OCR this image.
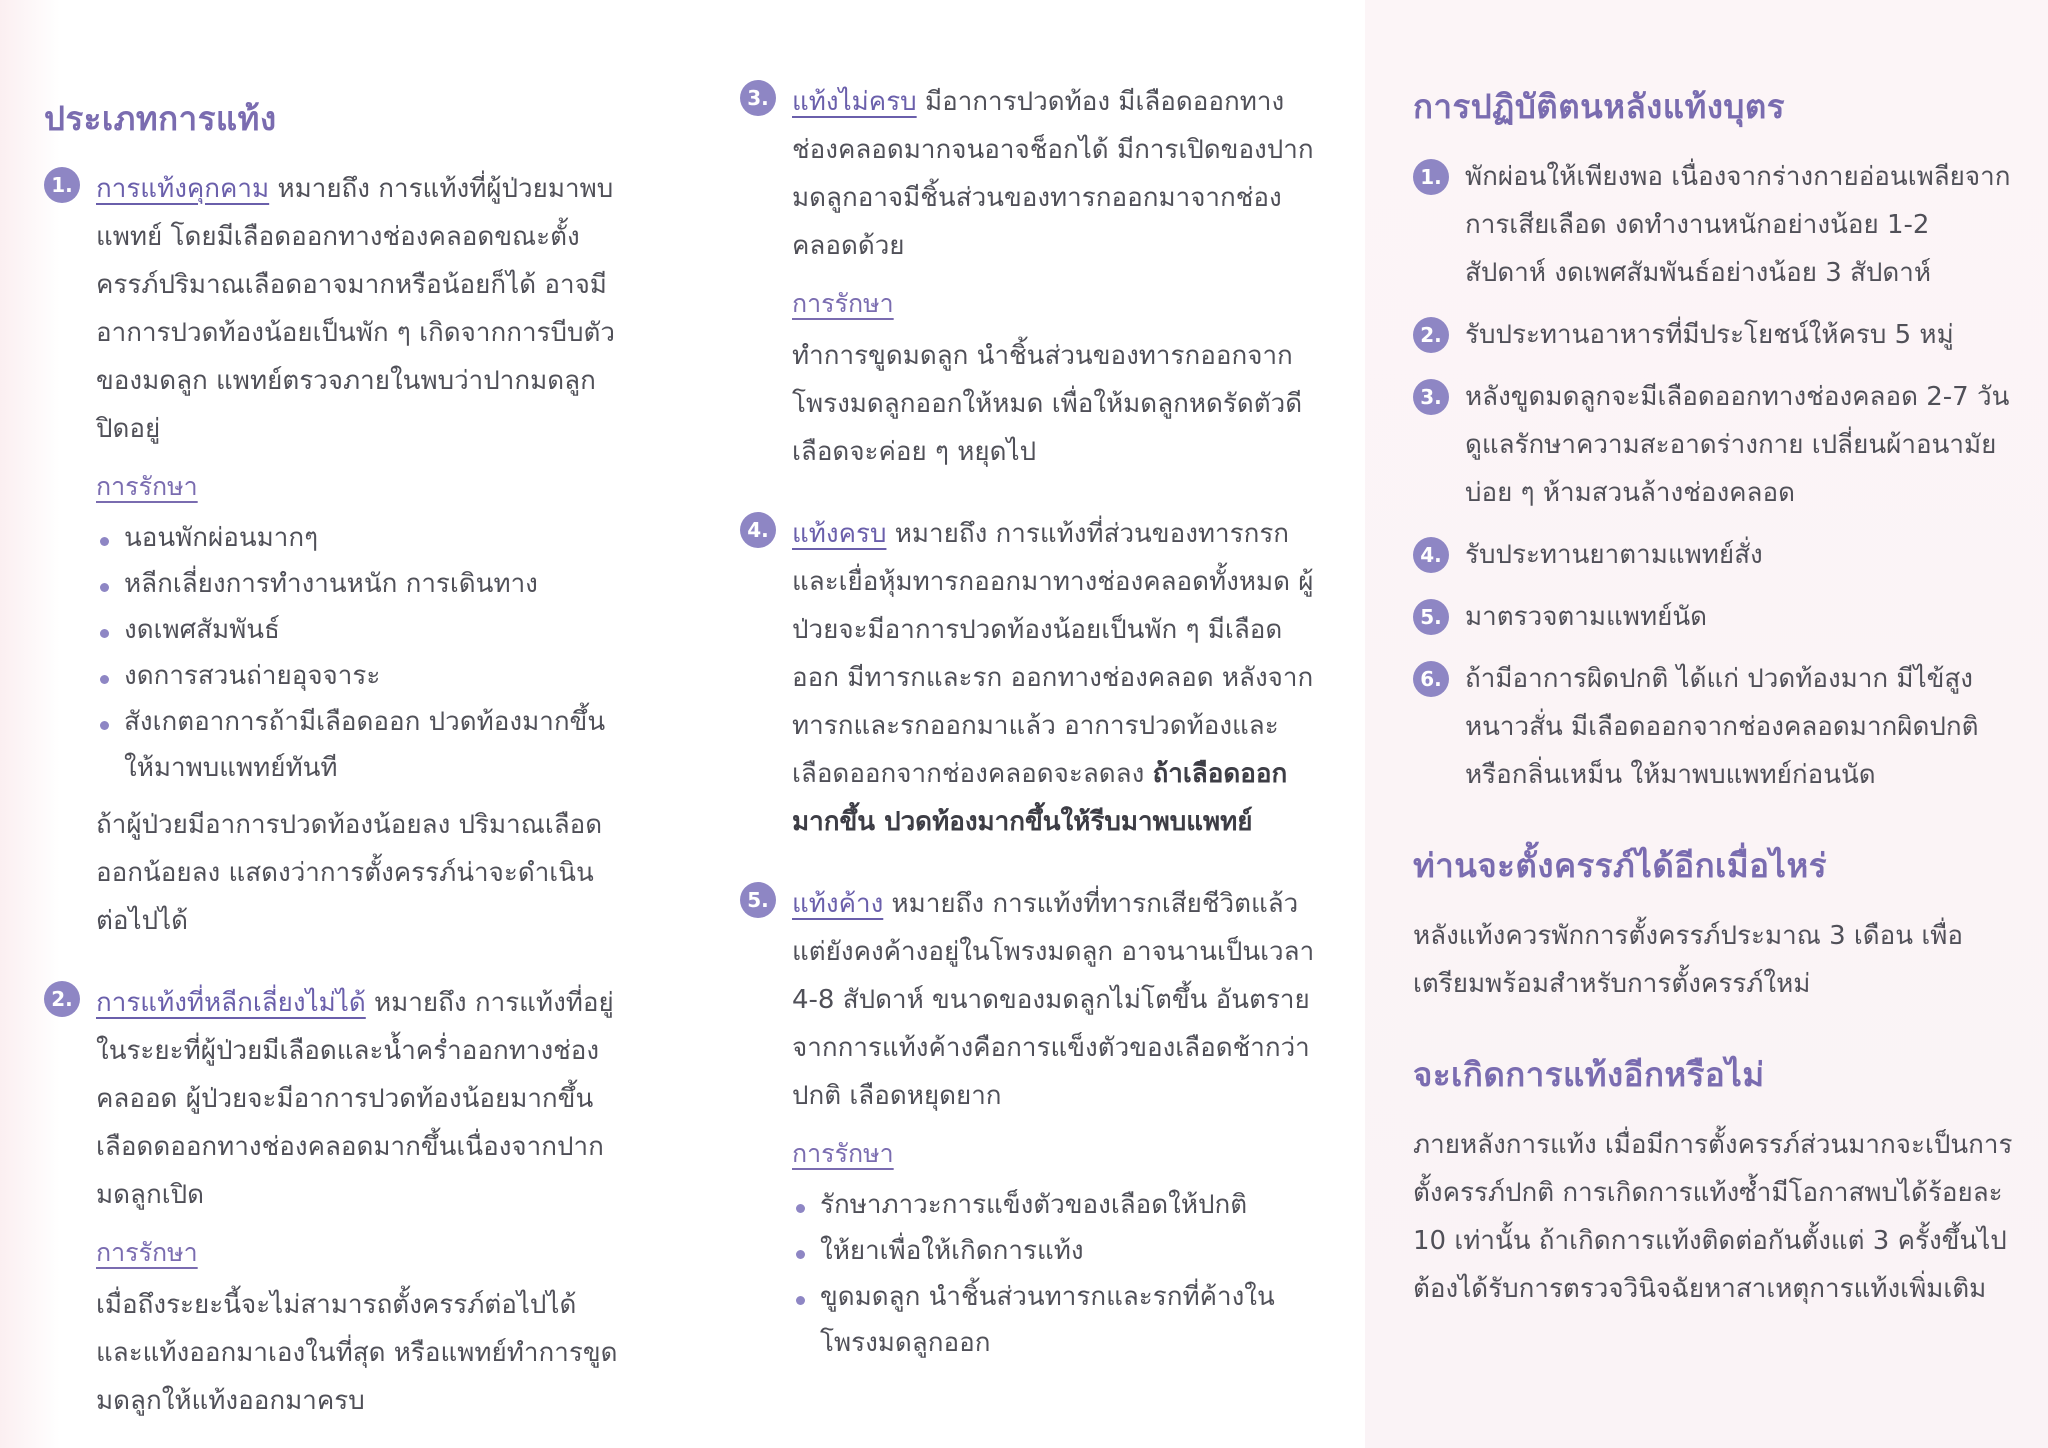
ประเภทการแท้ง
1. การแท้งคุกคาม หมายถึง การแท้งที่ผู้ป่วยมาพบแพทย์ โดยมีเลือดออกทางช่องคลอดขณะตั้งครรภ์ปริมาณเลือดอาจมากหรือน้อยก็ได้ อาจมีอาการปวดท้องน้อยเป็นพัก ๆ เกิดจากการบีบตัวของมดลูก แพทย์ตรวจภายในพบว่าปากมดลูกปิดอยู่
การรักษา
นอนพักผ่อนมากๆ
หลีกเลี่ยงการทำงานหนัก การเดินทาง
งดเพศสัมพันธ์
งดการสวนถ่ายอุจจาระ
สังเกตอาการถ้ามีเลือดออก ปวดท้องมากขึ้นให้มาพบแพทย์ทันที

ถ้าผู้ป่วยมีอาการปวดท้องน้อยลง ปริมาณเลือดออกน้อยลง แสดงว่าการตั้งครรภ์น่าจะดำเนินต่อไปได้

2. การแท้งที่หลีกเลี่ยงไม่ได้ หมายถึง การแท้งที่อยู่ในระยะที่ผู้ป่วยมีเลือดและน้ำคร่ำออกทางช่องคลออด ผู้ป่วยจะมีอาการปวดท้องน้อยมากขึ้น เลือดดออกทางช่องคลอดมากขึ้นเนื่องจากปากมดลูกเปิด
การรักษา

เมื่อถึงระยะนี้จะไม่สามารถตั้งครรภ์ต่อไปได้ และแท้งออกมาเองในที่สุด หรือแพทย์ทำการขูดมดลูกให้แท้งออกมาครบ

3. แท้งไม่ครบ มีอาการปวดท้อง มีเลือดออกทางช่องคลอดมากจนอาจช็อกได้ มีการเปิดของปากมดลูกอาจมีชิ้นส่วนของทารกออกมาจากช่องคลอดด้วย
การรักษา

ทำการขูดมดลูก นำชิ้นส่วนของทารกออกจากโพรงมดลูกออกให้หมด เพื่อให้มดลูกหดรัดตัวดีเลือดจะค่อย ๆ หยุดไป

4. แท้งครบ หมายถึง การแท้งที่ส่วนของทารกรก และเยื่อหุ้มทารกออกมาทางช่องคลอดทั้งหมด ผู้ป่วยจะมีอาการปวดท้องน้อยเป็นพัก ๆ มีเลือดออก มีทารกและรก ออกทางช่องคลอด หลังจากทารกและรกออกมาแล้ว อาการปวดท้องและเลือดออกจากช่องคลอดจะลดลง ถ้าเลือดออกมากขึ้น ปวดท้องมากขึ้นให้รีบมาพบแพทย์
5. แท้งค้าง หมายถึง การแท้งที่ทารกเสียชีวิตแล้วแต่ยังคงค้างอยู่ในโพรงมดลูก อาจนานเป็นเวลา 4-8 สัปดาห์ ขนาดของมดลูกไม่โตขึ้น อันตรายจากการแท้งค้างคือการแข็งตัวของเลือดช้ากว่าปกติ เลือดหยุดยาก
การรักษา
รักษาภาวะการแข็งตัวของเลือดให้ปกติ
ให้ยาเพื่อให้เกิดการแท้ง
ขูดมดลูก นำชิ้นส่วนทารกและรกที่ค้างในโพรงมดลูกออก
การปฏิบัติตนหลังแท้งบุตร
1. พักผ่อนให้เพียงพอ เนื่องจากร่างกายอ่อนเพลียจากการเสียเลือด งดทำงานหนักอย่างน้อย 1-2 สัปดาห์ งดเพศสัมพันธ์อย่างน้อย 3 สัปดาห์
2. รับประทานอาหารที่มีประโยชน์ให้ครบ 5 หมู่
3. หลังขูดมดลูกจะมีเลือดออกทางช่องคลอด 2-7 วัน ดูแลรักษาความสะอาดร่างกาย เปลี่ยนผ้าอนามัยบ่อย ๆ ห้ามสวนล้างช่องคลอด
4. รับประทานยาตามแพทย์สั่ง
5. มาตรวจตามแพทย์นัด
6. ถ้ามีอาการผิดปกติ ได้แก่ ปวดท้องมาก มีไข้สูงหนาวสั่น มีเลือดออกจากช่องคลอดมากผิดปกติ หรือกลิ่นเหม็น ให้มาพบแพทย์ก่อนนัด
ท่านจะตั้งครรภ์ได้อีกเมื่อไหร่

หลังแท้งควรพักการตั้งครรภ์ประมาณ 3 เดือน เพื่อเตรียมพร้อมสำหรับการตั้งครรภ์ใหม่

จะเกิดการแท้งอีกหรือไม่

ภายหลังการแท้ง เมื่อมีการตั้งครรภ์ส่วนมากจะเป็นการตั้งครรภ์ปกติ การเกิดการแท้งซ้ำมีโอกาสพบได้ร้อยละ 10 เท่านั้น ถ้าเกิดการแท้งติดต่อกันตั้งแต่ 3 ครั้งขึ้นไป ต้องได้รับการตรวจวินิจฉัยหาสาเหตุการแท้งเพิ่มเติม
